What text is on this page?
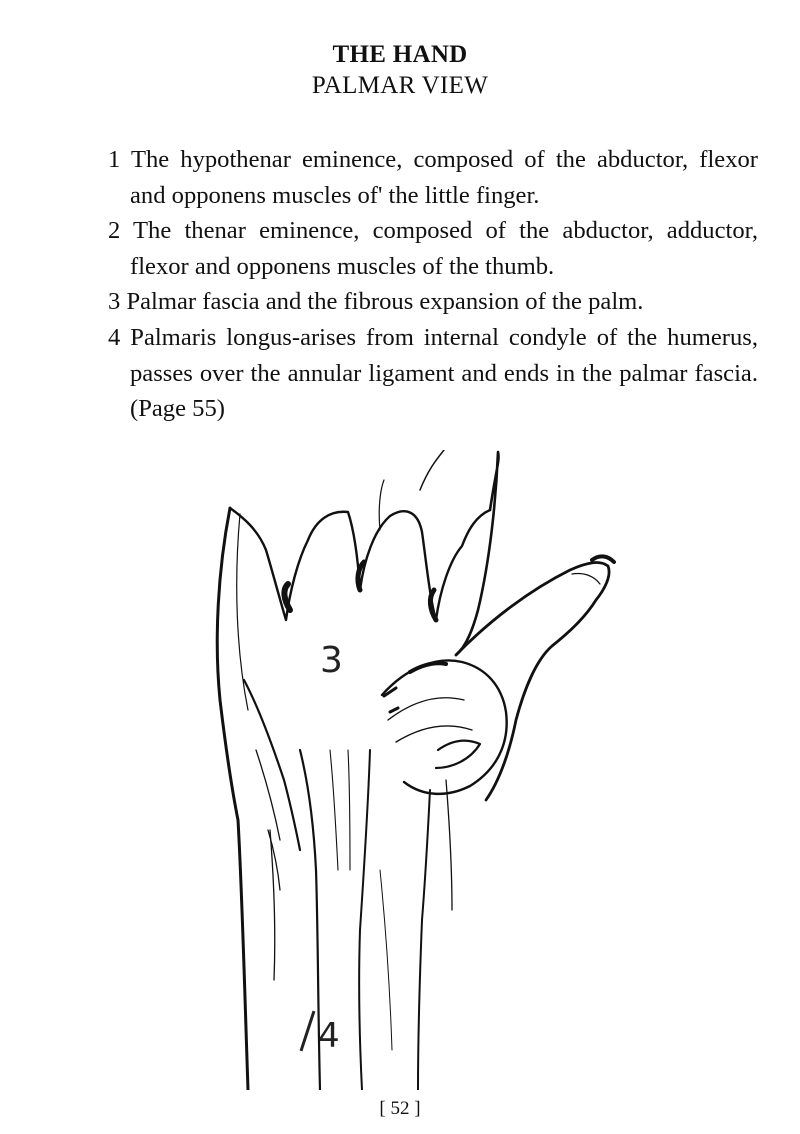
THE HAND
PALMAR VIEW
1 The hypothenar eminence, composed of the abductor, flexor and opponens muscles of' the little finger.
2 The thenar eminence, composed of the abductor, adductor, flexor and opponens muscles of the thumb.
3 Palmar fascia and the fibrous expansion of the palm.
4 Palmaris longus-arises from internal condyle of the humerus, passes over the annular ligament and ends in the palmar fascia. (Page 55)
3
4
[ 52 ]
